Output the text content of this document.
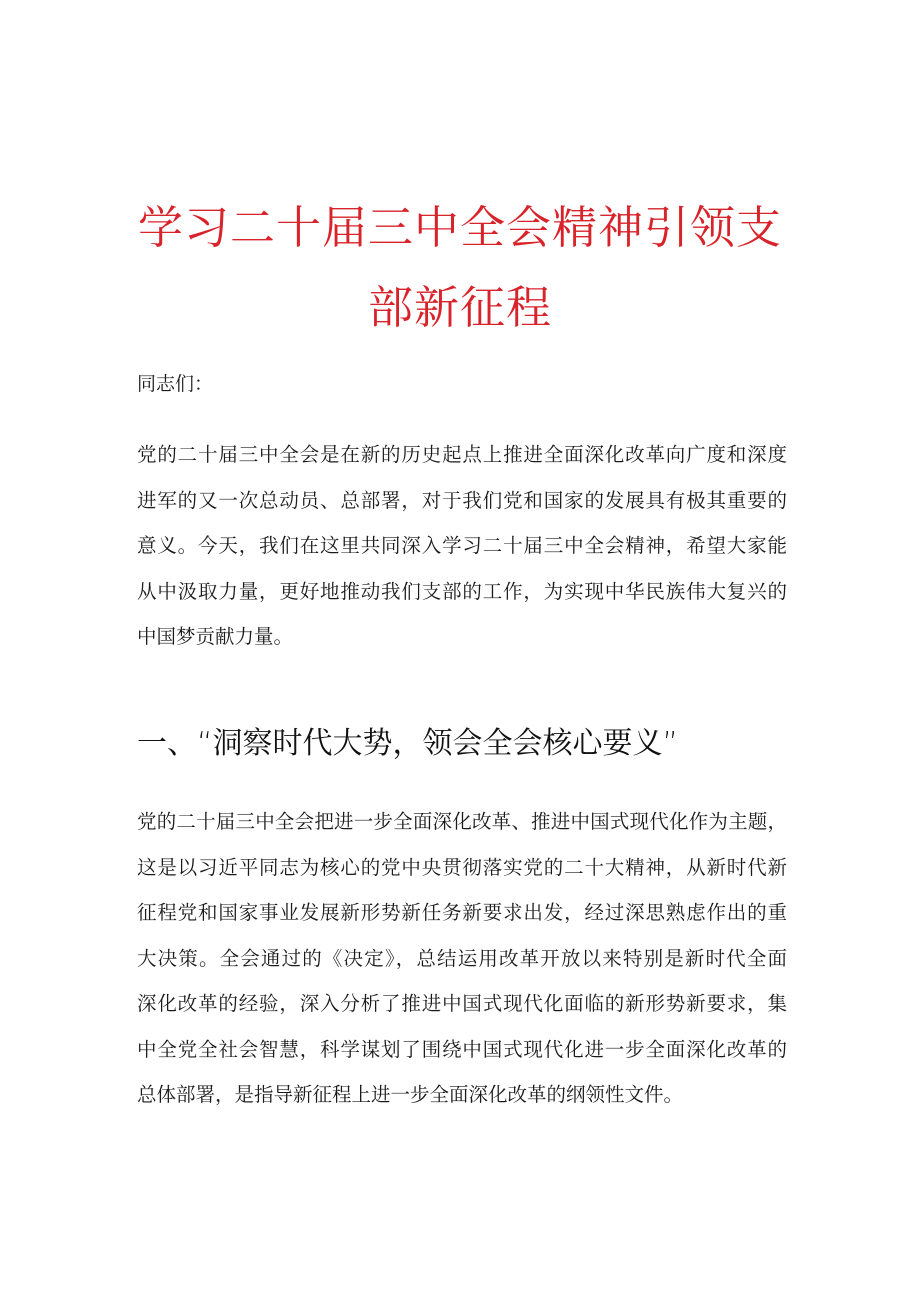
学习二十届三中全会精神引领支
部新征程
同志们：
党的二十届三中全会是在新的历史起点上推进全面深化改革向广度和深度
进军的又一次总动员、总部署，对于我们党和国家的发展具有极其重要的
意义。今天，我们在这里共同深入学习二十届三中全会精神，希望大家能
从中汲取力量，更好地推动我们支部的工作，为实现中华民族伟大复兴的
中国梦贡献力量。
一、“洞察时代大势，领会全会核心要义”
党的二十届三中全会把进一步全面深化改革、推进中国式现代化作为主题，
这是以习近平同志为核心的党中央贯彻落实党的二十大精神，从新时代新
征程党和国家事业发展新形势新任务新要求出发，经过深思熟虑作出的重
大决策。全会通过的《决定》，总结运用改革开放以来特别是新时代全面
深化改革的经验，深入分析了推进中国式现代化面临的新形势新要求，集
中全党全社会智慧，科学谋划了围绕中国式现代化进一步全面深化改革的
总体部署，是指导新征程上进一步全面深化改革的纲领性文件。
